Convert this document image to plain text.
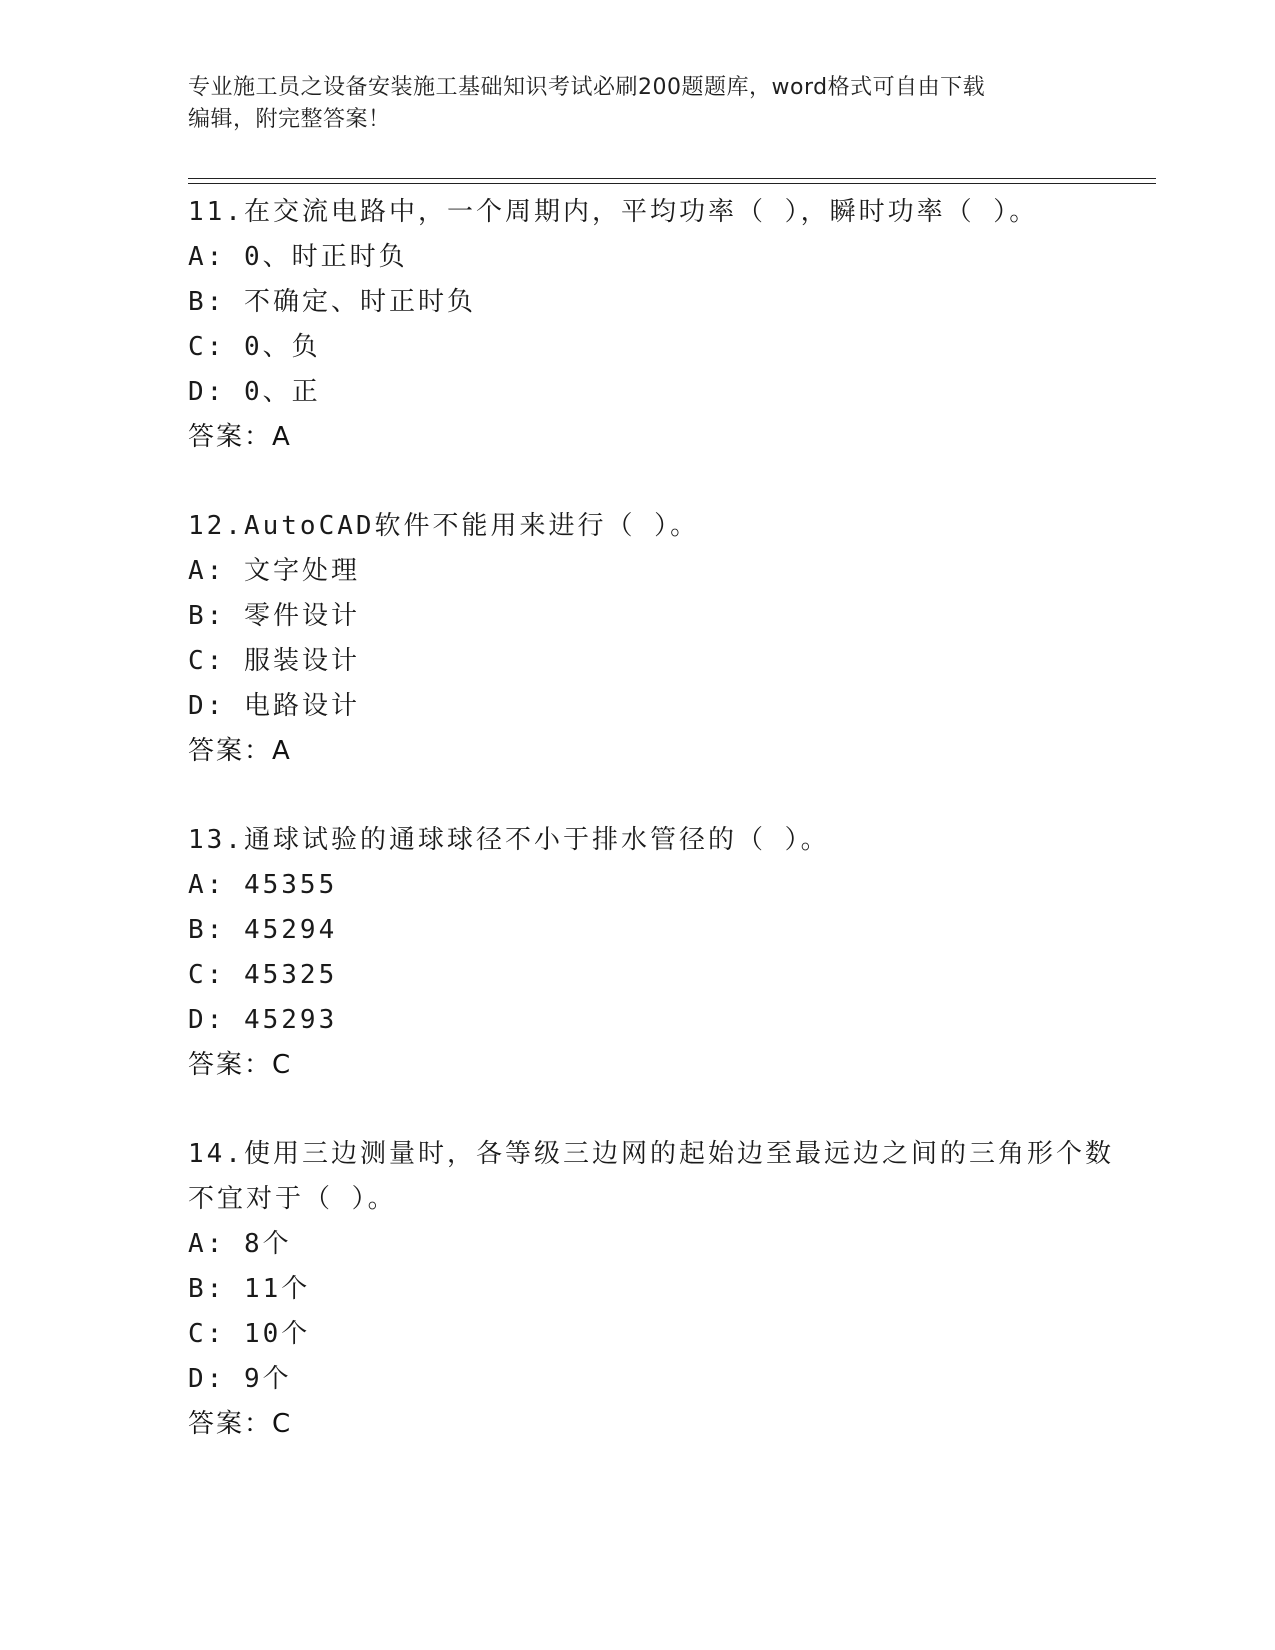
专业施工员之设备安装施工基础知识考试必刷200题题库，word格式可自由下载
编辑，附完整答案！
11.在交流电路中，一个周期内，平均功率（ ），瞬时功率（ ）。
A: 0、时正时负
B: 不确定、时正时负
C: 0、负
D: 0、正
答案：A
12.AutoCAD软件不能用来进行（ ）。
A: 文字处理
B: 零件设计
C: 服装设计
D: 电路设计
答案：A
13.通球试验的通球球径不小于排水管径的（ ）。
A: 45355
B: 45294
C: 45325
D: 45293
答案：C
14.使用三边测量时，各等级三边网的起始边至最远边之间的三角形个数不宜对于（ ）。
A: 8个
B: 11个
C: 10个
D: 9个
答案：C
